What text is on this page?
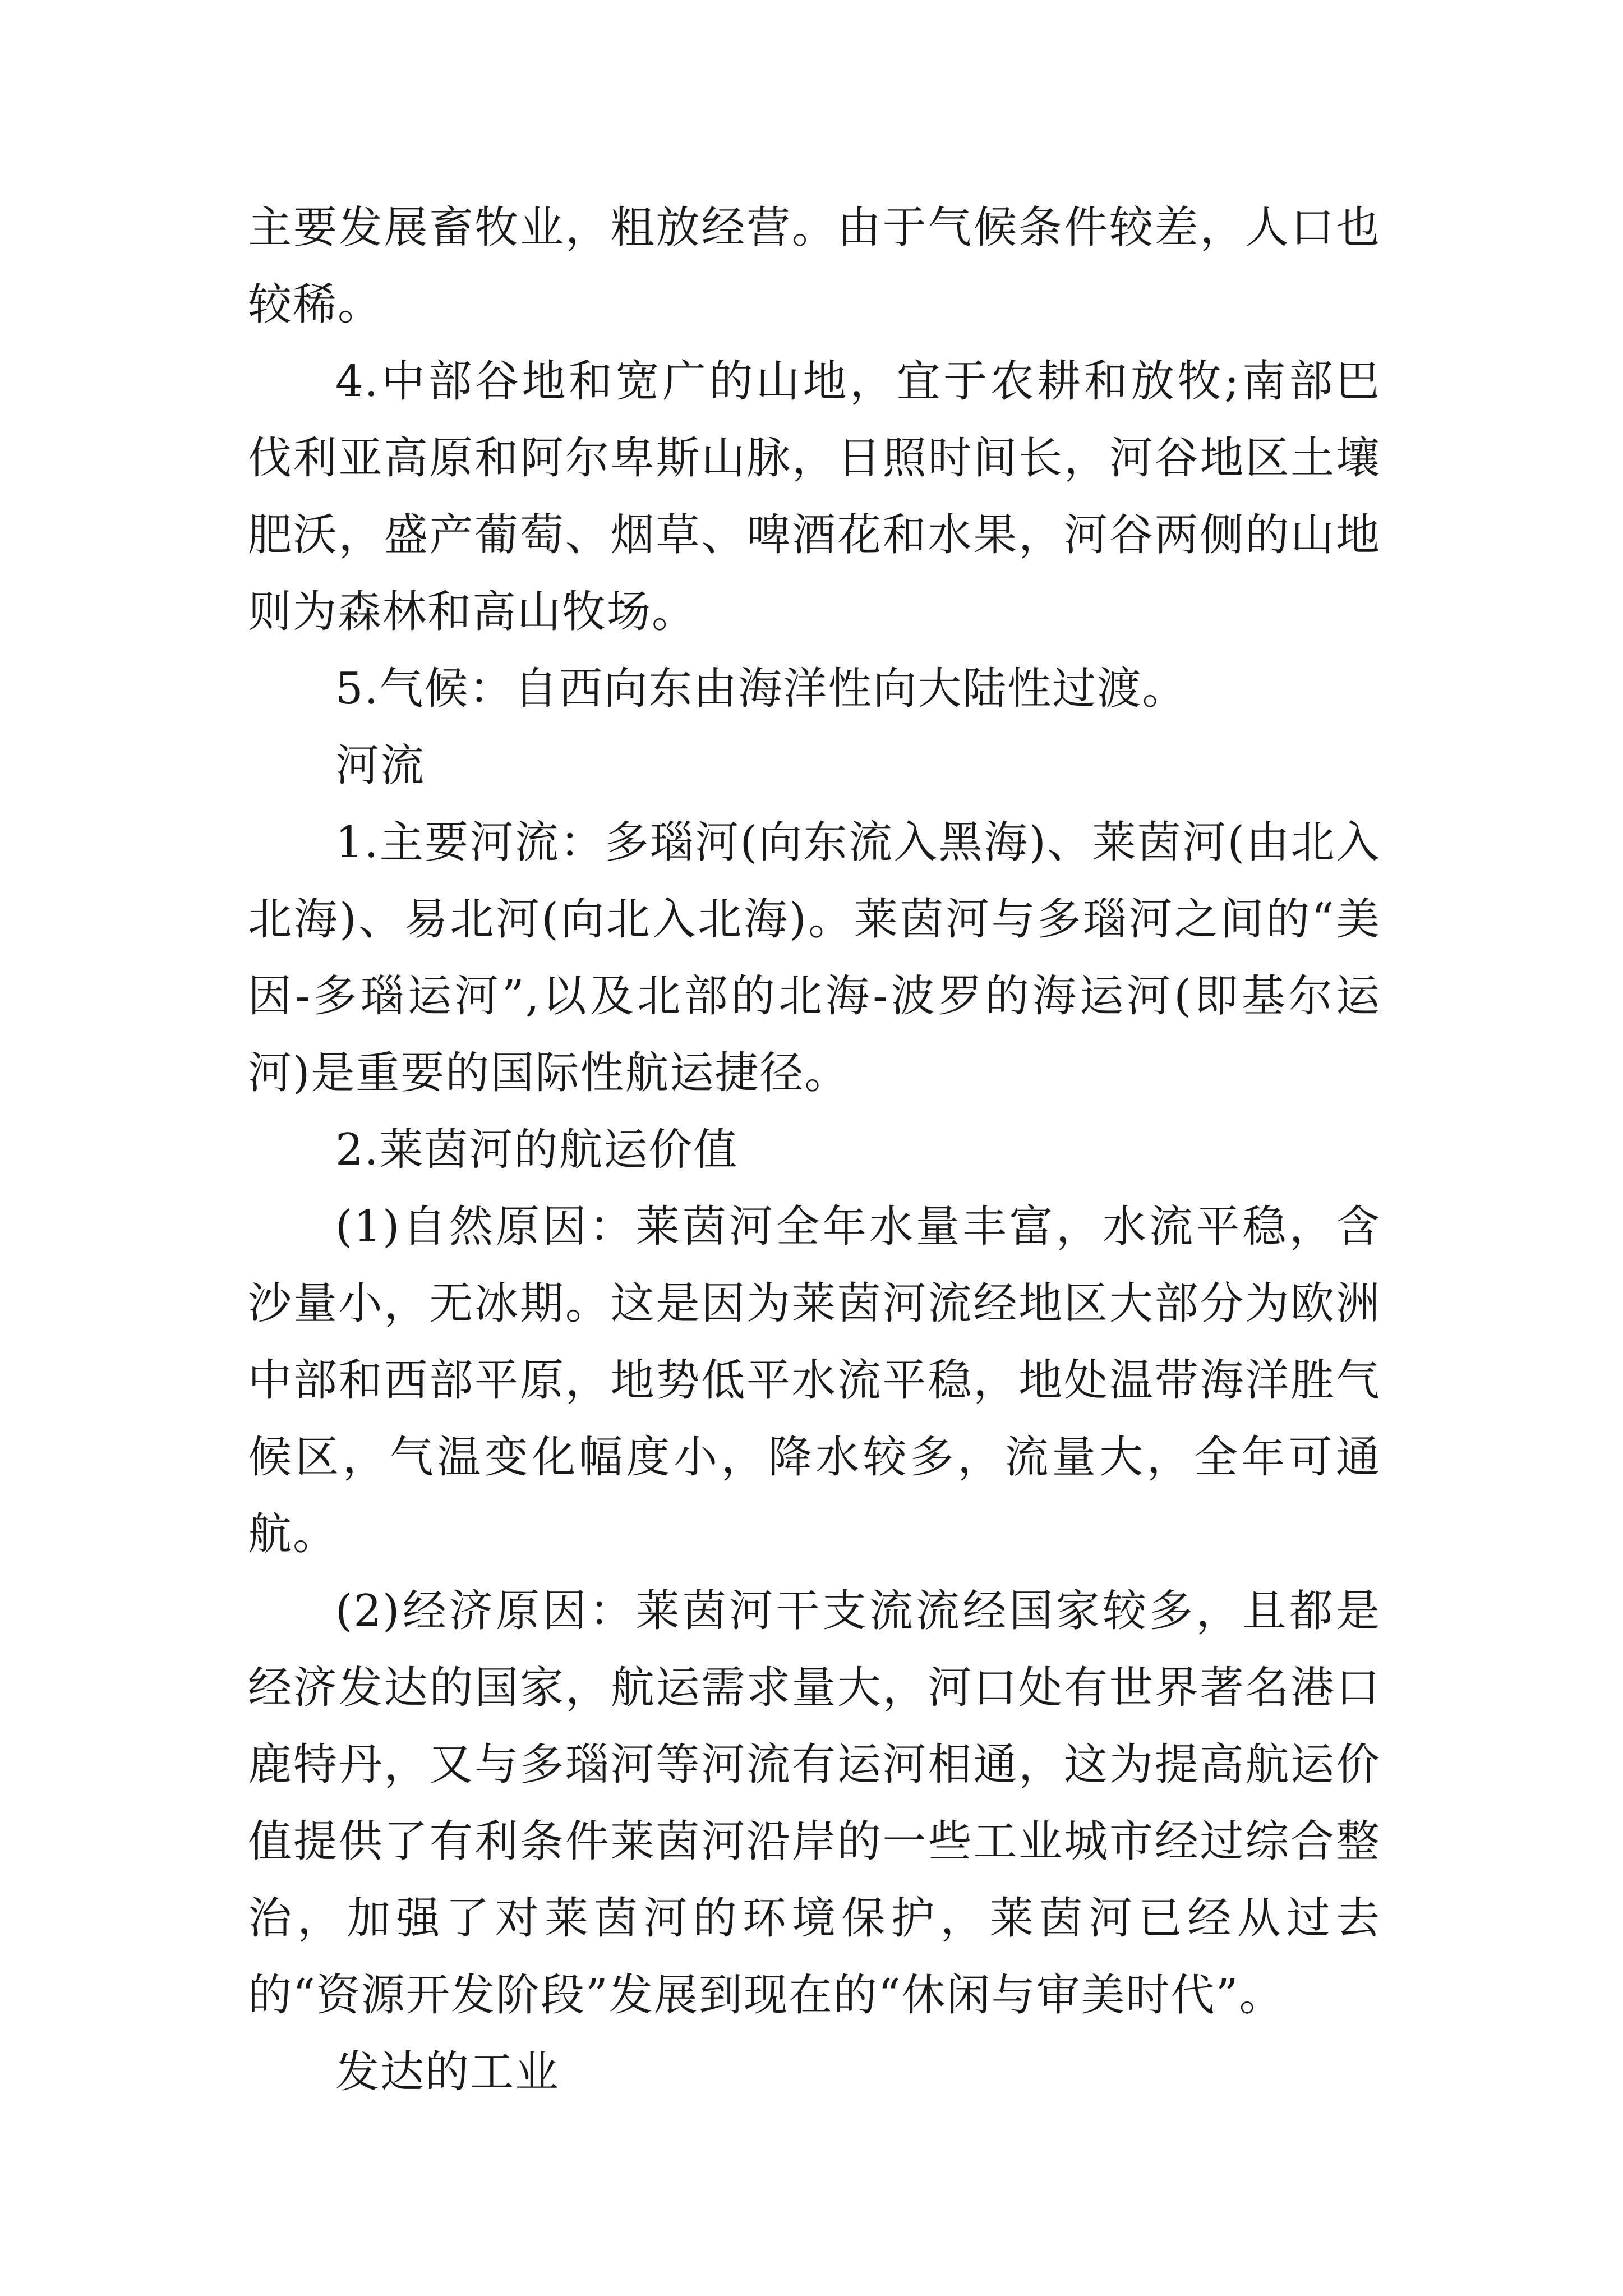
主要发展畜牧业，粗放经营。由于气候条件较差，人口也较稀。

4.中部谷地和宽广的山地，宜于农耕和放牧;南部巴伐利亚高原和阿尔卑斯山脉，日照时间长，河谷地区土壤肥沃，盛产葡萄、烟草、啤酒花和水果，河谷两侧的山地则为森林和高山牧场。

5.气候：自西向东由海洋性向大陆性过渡。

河流

1.主要河流：多瑙河(向东流入黑海)、莱茵河(由北入北海)、易北河(向北入北海)。莱茵河与多瑙河之间的“美因-多瑙运河”,以及北部的北海-波罗的海运河(即基尔运河)是重要的国际性航运捷径。

2.莱茵河的航运价值

(1)自然原因：莱茵河全年水量丰富，水流平稳，含沙量小，无冰期。这是因为莱茵河流经地区大部分为欧洲中部和西部平原，地势低平水流平稳，地处温带海洋胜气候区，气温变化幅度小，降水较多，流量大，全年可通航。

(2)经济原因：莱茵河干支流流经国家较多，且都是经济发达的国家，航运需求量大，河口处有世界著名港口鹿特丹，又与多瑙河等河流有运河相通，这为提高航运价值提供了有利条件莱茵河沿岸的一些工业城市经过综合整治，加强了对莱茵河的环境保护，莱茵河已经从过去的“资源开发阶段”发展到现在的“休闲与审美时代”。

发达的工业
